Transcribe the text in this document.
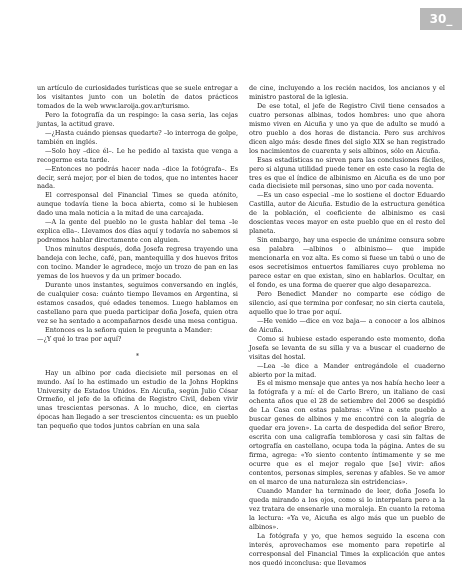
30_ 31

un artículo de curiosidades turísticas que se suele entregar a los visitantes junto con un boletín de datos prácticos tomados de la web www.laroija.gov.ar/turismo.

Pero la fotografía da un respingo: la casa seria, las cejas juntas, la actitud grave.

—¿Hasta cuándo piensas quedarte? –lo interroga de golpe, también en inglés.

—Solo hoy –dice él–. Le he pedido al taxista que venga a recogerme esta tarde.

—Entonces no podrás hacer nada –dice la fotógrafa–. Es decir, será mejor, por el bien de todos, que no intentes hacer nada.

El corresponsal del Financial Times se queda atónito, aunque todavía tiene la boca abierta, como si le hubiesen dado una mala noticia a la mitad de una carcajada.

—A la gente del pueblo no le gusta hablar del tema –le explica ella–. Llevamos dos días aquí y todavía no sabemos si podremos hablar directamente con alguien.

Unos minutos después, doña Josefa regresa trayendo una bandeja con leche, café, pan, mantequilla y dos huevos fritos con tocino. Mander le agradece, mojo un trozo de pan en las yemas de los huevos y da un primer bocado.

Durante unos instantes, seguimos conversando en inglés, de cualquier cosa: cuánto tiempo llevamos en Argentina, si estamos casados, qué edades tenemos. Luego hablamos en castellano para que pueda participar doña Josefa, quien otra vez se ha sentado a acompañarnos desde una mesa contigua.

Entonces es la señora quien le pregunta a Mander:

—¿Y qué lo trae por aquí?

*

Hay un albino por cada diecisiete mil personas en el mundo. Así lo ha estimado un estudio de la Johns Hopkins University de Estados Unidos. En Aicuña, según Julio César Ormeño, el jefe de la oficina de Registro Civil, deben vivir unas trescientas personas. A lo mucho, dice, en ciertas épocas han llegado a ser trescientos cincuenta: es un pueblo tan pequeño que todos juntos cabrían en una sala

de cine, incluyendo a los recién nacidos, los ancianos y el ministro pastoral de la iglesia.

De ese total, el jefe de Registro Civil tiene censados a cuatro personas albinas, todos hombres: uno que ahora mismo viven en Aicuña y uno ya que de adulto se mudó a otro pueblo a dos horas de distancia. Pero sus archivos dicen algo más: desde fines del siglo XIX se han registrado los nacimientos de cuarenta y seis albinos, sólo en Aicuña.

Esas estadísticas no sirven para las conclusiones fáciles, pero si alguna utilidad puede tener en este caso la regla de tres es que el índice de albinismo en Aicuña es de uno por cada diecisiete mil personas, sino uno por cada noventa.

—Es un caso especial –me lo sostiene el doctor Eduardo Castilla, autor de Aicuña. Estudio de la estructura genética de la población, el coeficiente de albinismo es casi doscientas veces mayor en este pueblo que en el resto del planeta.

Sin embargo, hay una especie de unánime censura sobre esa palabra —albinos o albinismo— que impide mencionarla en voz alta. Es como si fuese un tabú o uno de esos secretísimos entuertos familiares cuyo problema no parece estar en que existan, sino en hablarlos. Ocultar, en el fondo, es una forma de querer que algo desaparezca.

Pero Benedict Mander no comparte ese código de silencio, así que termina por confesar, no sin cierta cautela, aquello que lo trae por aquí.

—He venido —dice en voz baja— a conocer a los albinos de Aicuña.

Como si hubiese estado esperando este momento, doña Josefa se levanta de su silla y va a buscar el cuaderno de visitas del hostal.

—Lea –le dice a Mander entregándole el cuaderno abierto por la mitad.

Es el mismo mensaje que antes ya nos había hecho leer a la fotógrafa y a mí: el de Carlo Brero, un italiano de casi ochenta años que el 28 de setiembre del 2006 se despidió de La Casa con estas palabras: «Vine a este pueblo a buscar genes de albinos y me encontré con la alegría de quedar era joven». La carta de despedida del señor Brero, escrita con una caligrafía temblorosa y casi sin faltas de ortografía en castellano, ocupa toda la página. Antes de su firma, agrega: «Yo siento contento íntimamente y se me ocurre que es el mejor regalo que [se] vivir: años contentos, personas simples, serenas y afables. Se ve amor en el marco de una naturaleza sin estridencias».

Cuando Mander ha terminado de leer, doña Josefa lo queda mirando a los ojos, como si lo interpelara pero a la vez tratara de ensenarle una moraleja. En cuanto la retoma la lectura: «Ya ve, Aicuña es algo más que un pueblo de albinos».

La fotógrafa y yo, que hemos seguido la escena con interés, aprovechamos ese momento para repetirle al corresponsal del Financial Times la explicación que antes nos quedó inconclusa: que llevamos
